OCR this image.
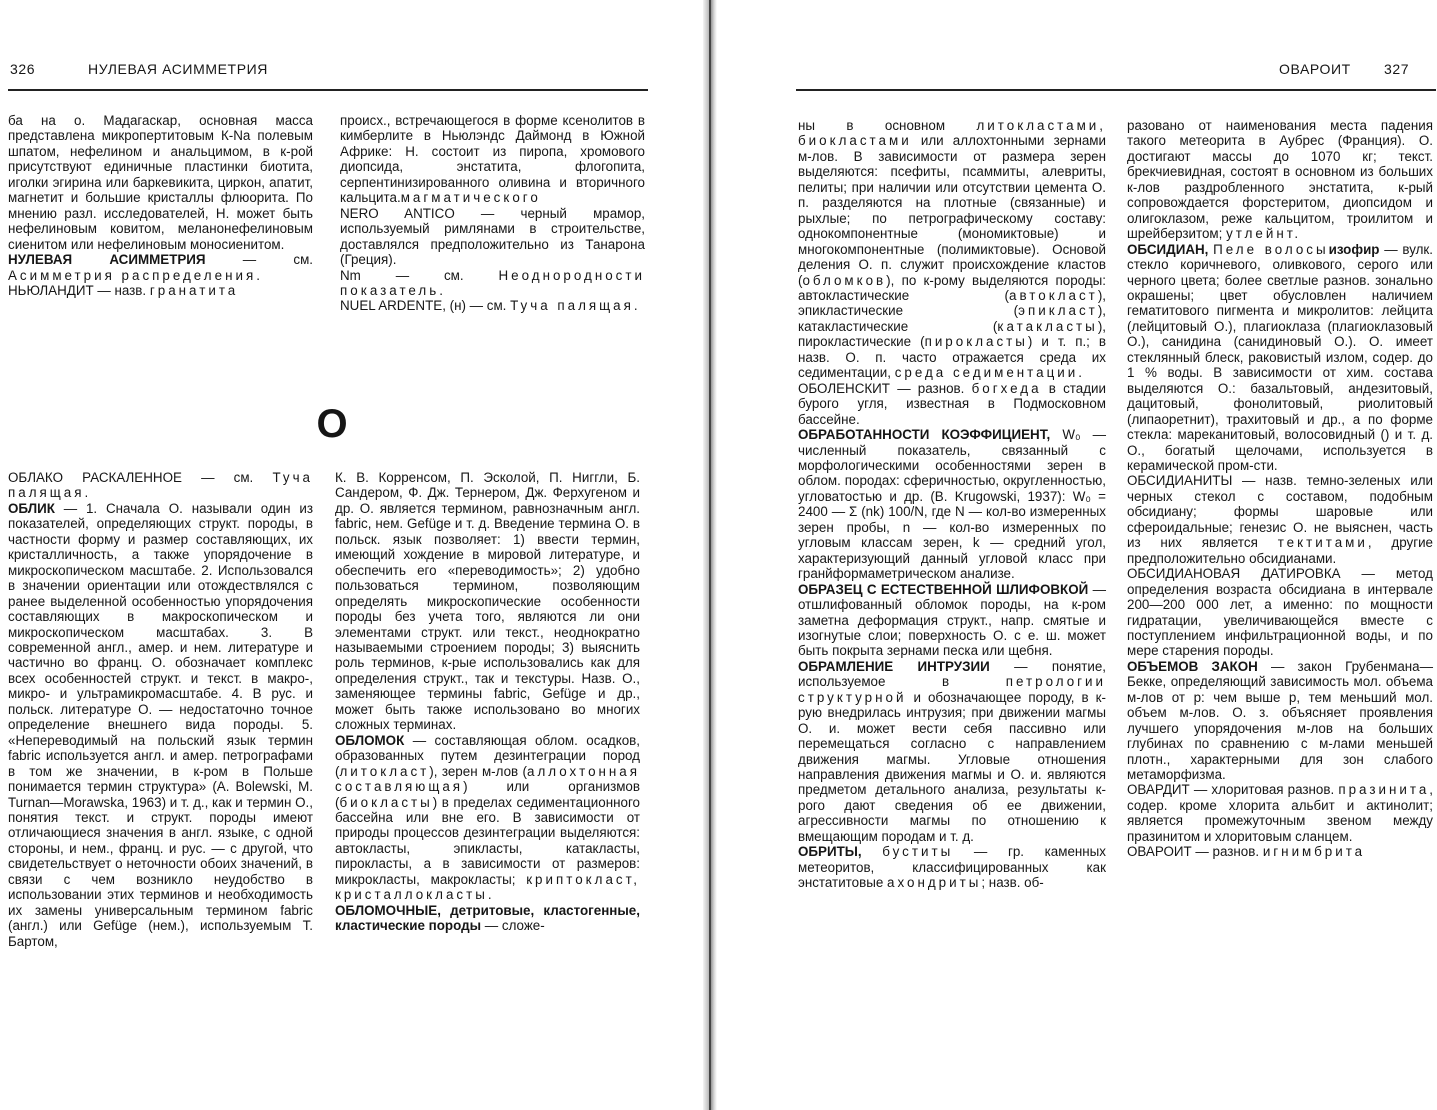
326	НУЛЕВАЯ АСИММЕТРИЯ

ба на о. Мадагаскар, основная масса представлена микропертитовым К-Na полевым шпатом, нефелином и анальцимом, в к-рой присутствуют единичные пластинки биотита, иголки эгирина или баркевикита, циркон, апатит, магнетит и большие кристаллы флюорита. По мнению разл. исследователей, Н. может быть нефелиновым ковитом, меланонефелиновым сиенитом или нефелиновым моносиенитом.

НУЛЕВАЯ АСИММЕТРИЯ — см. Асимметрия распределения.

НЬЮЛАНДИТ — назв. гранатита

происх., встречающегося в форме ксенолитов в кимберлите в Ньюлэндс Даймонд в Южной Африке: Н. состоит из пиропа, хромового диопсида, энстатита, флогопита, серпентинизированного оливина и вторичного кальцита.магматического

NERO ANTICO — черный мрамор, используемый римлянами в строительстве, доставлялся предположительно из Танарона (Греция).

Nm — см. Неоднородности показатель.

NUEL ARDENTE, (н) — см. Туча палящая.

О

ОБЛАКО РАСКАЛЕННОЕ — см. Туча палящая.

ОБЛИК — 1. Сначала О. называли один из показателей, определяющих структ. породы, в частности форму и размер составляющих, их кристалличность, а также упорядочение в микроскопическом масштабе. 2. Использовался в значении ориентации или отождествлялся с ранее выделенной особенностью упорядочения составляющих в макроскопическом и микроскопическом масштабах. 3. В современной англ., амер. и нем. литературе и частично во франц. О. обозначает комплекс всех особенностей структ. и текст. в макро-, микро- и ультрамикромасштабе. 4. В рус. и польск. литературе О. — недостаточно точное определение внешнего вида породы. 5. «Непереводимый на польский язык термин fabric используется англ. и амер. петрографами в том же значении, в к-ром в Польше понимается термин структура» (A. Bolewski, M. Turnan—Morawska, 1963) и т. д., как и термин О., понятия текст. и структ. породы имеют отличающиеся значения в англ. языке, с одной стороны, и нем., франц. и рус. — с другой, что свидетельствует о неточности обоих значений, в связи с чем возникло неудобство в использовании этих терминов и необходимость их замены универсальным термином fabric (англ.) или Gefüge (нем.), используемым Т. Бартом,

К. В. Корренсом, П. Эсколой, П. Ниггли, Б. Сандером, Ф. Дж. Тернером, Дж. Ферхугеном и др. О. является термином, равнозначным англ. fabric, нем. Gefüge и т. д. Введение термина О. в польск. язык позволяет: 1) ввести термин, имеющий хождение в мировой литературе, и обеспечить его «переводимость»; 2) удобно пользоваться термином, позволяющим определять микроскопические особенности породы без учета того, являются ли они элементами структ. или текст., неоднократно называемыми строением породы; 3) выяснить роль терминов, к-рые использовались как для определения структ., так и текстуры. Назв. О., заменяющее термины fabric, Gefüge и др., может быть также использовано во многих сложных терминах.

ОБЛОМОК — составляющая облом. осадков, образованных путем дезинтеграции пород (литокласт), зерен м-лов (аллохтонная составляющая) или организмов (биокласты) в пределах седиментационного бассейна или вне его. В зависимости от природы процессов дезинтеграции выделяются: автокласты, эпикласты, катакласты, пирокласты, а в зависимости от размеров: микрокласты, макрокласты; криптокласт, кристаллокласты.

ОБЛОМОЧНЫЕ, детритовые, кластогенные, кластические породы — сложе-

ОВАРОИТ 327

ны в основном литокластами, биокластами или аллохтонными зернами м-лов. В зависимости от размера зерен выделяются: псефиты, псаммиты, алевриты, пелиты; при наличии или отсутствии цемента О. п. разделяются на плотные (связанные) и рыхлые; по петрографическому составу: однокомпонентные (мономиктовые) и многокомпонентные (полимиктовые). Основой деления О. п. служит происхождение кластов (обломков), по к-рому выделяются породы: автокластические (автокласт), эпикластические (эпикласт), катакластические (катакласты), пирокластические (пирокласты) и т. п.; в назв. О. п. часто отражается среда их седиментации, среда седиментации.

ОБОЛЕНСКИТ — разнов. богхеда в стадии бурого угля, известная в Подмосковном бассейне.

ОБРАБОТАННОСТИ КОЭФФИЦИЕНТ, W₀ — численный показатель, связанный с морфологическими особенностями зерен в облом. породах: сферичностью, округленностью, угловатостью и др. (B. Krugowski, 1937): W₀ = 2400 — Σ (nk) 100/N, где N — кол-во измеренных зерен пробы, n — кол-во измеренных по угловым классам зерен, k — средний угол, характеризующий данный угловой класс при гранйформаметрическом анализе.

ОБРАЗЕЦ С ЕСТЕСТВЕННОЙ ШЛИФОВКОЙ — отшлифованный обломок породы, на к-ром заметна деформация структ., напр. смятые и изогнутые слои; поверхность О. с е. ш. может быть покрыта зернами песка или щебня.

ОБРАМЛЕНИЕ ИНТРУЗИИ — понятие, используемое в петрологии структурной и обозначающее породу, в к-рую внедрилась интрузия; при движении магмы О. и. может вести себя пассивно или перемещаться согласно с направлением движения магмы. Угловые отношения направления движения магмы и О. и. являются предметом детального анализа, результаты к-рого дают сведения об ее движении, агрессивности магмы по отношению к вмещающим породам и т. д.

ОБРИТЫ, буститы — гр. каменных метеоритов, классифицированных как энстатитовые ахондриты; назв. об-

разовано от наименования места падения такого метеорита в Аубрес (Франция). О. достигают массы до 1070 кг; текст. брекчиевидная, состоят в основном из больших к-лов раздробленного энстатита, к-рый сопровождается форстеритом, диопсидом и олигоклазом, реже кальцитом, троилитом и шрейберзитом; утлейнт.

ОБСИДИАН, Пеле волосыизофир — вулк. стекло коричневого, оливкового, серого или черного цвета; более светлые разнов. зонально окрашены; цвет обусловлен наличием гематитового пигмента и микролитов: лейцита (лейцитовый О.), плагиоклаза (плагиоклазовый О.), санидина (санидиновый О.). О. имеет стеклянный блеск, раковистый излом, содер. до 1 % воды. В зависимости от хим. состава выделяются О.: базальтовый, андезитовый, дацитовый, фонолитовый, риолитовый (липаоретнит), трахитовый и др., а по форме стекла: мареканитовый, волосовидный () и т. д. О., богатый щелочами, используется в керамической пром-сти.

ОБСИДИАНИТЫ — назв. темно-зеленых или черных стекол с составом, подобным обсидиану; формы шаровые или сфероидальные; генезис О. не выяснен, часть из них является тектитами, другие предположительно обсидианами.

ОБСИДИАНОВАЯ ДАТИРОВКА — метод определения возраста обсидиана в интервале 200—200 000 лет, а именно: по мощности гидратации, увеличивающейся вместе с поступлением инфильтрационной воды, и по мере старения породы.

ОБЪЕМОВ ЗАКОН — закон Грубенмана—Бекке, определяющий зависимость мол. объема м-лов от p: чем выше p, тем меньший мол. объем м-лов. О. з. объясняет проявления лучшего упорядочения м-лов на больших глубинах по сравнению с м-лами меньшей плотн., характерными для зон слабого метаморфизма.

ОВАРДИТ — хлоритовая разнов. празинита, содер. кроме хлорита альбит и актинолит; является промежуточным звеном между празинитом и хлоритовым сланцем.

ОВАРОИТ — разнов. игнимбрита
